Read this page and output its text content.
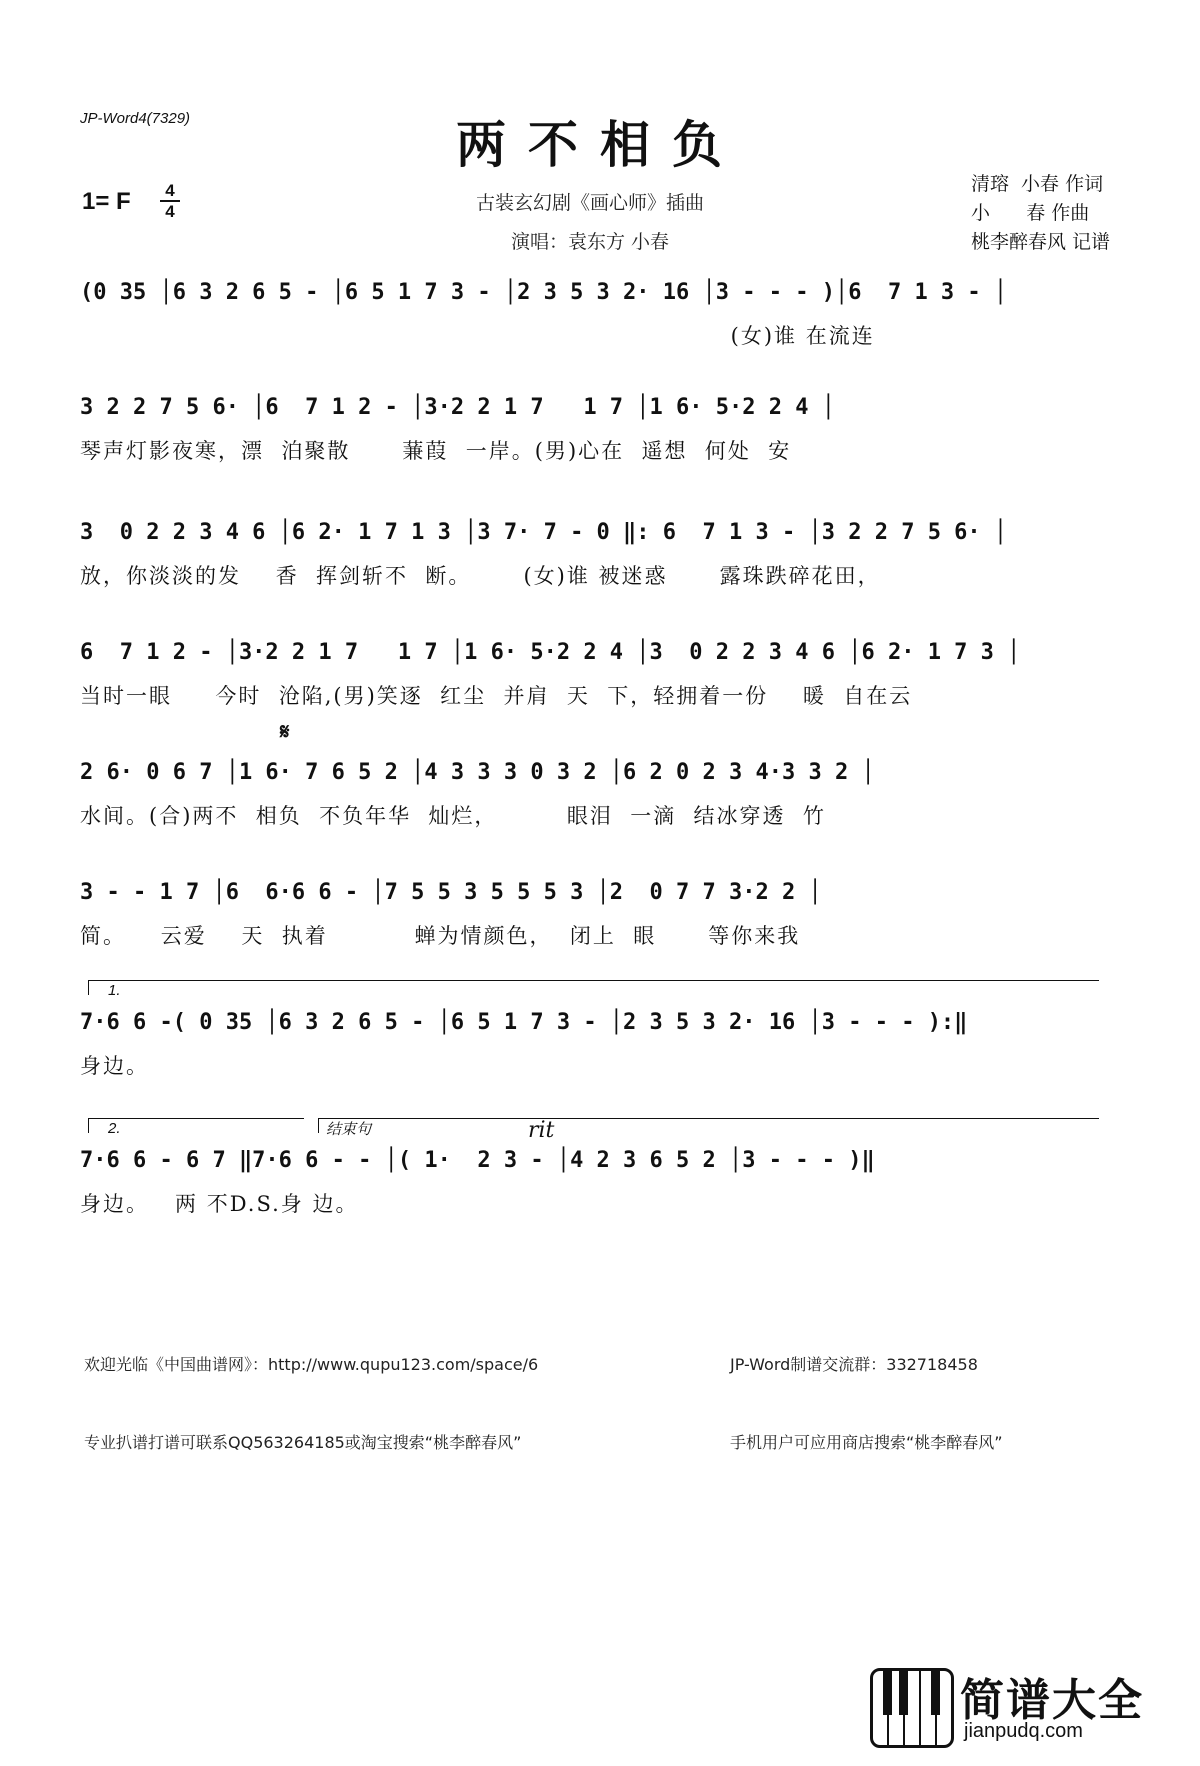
JP-Word4(7329)	两不相负
1= F	4
4	古装玄幻剧《画心师》插曲
演唱：袁东方 小春
清瑢  小春 作词
小      春 作曲
桃李醉春风 记谱
(0 35 │6 3 2 6 5 - │6 5 1 7 3 - │2 3 5 3 2· 16 │3 - - - )│6  7 1 3 - │
(女)谁 在流连
3 2 2 7 5 6· │6  7 1 2 - │3·2 2 1 7   1 7 │1 6· 5·2 2 4 │
琴声灯影夜寒，漂  泊聚散      蒹葭  一岸。(男)心在  遥想  何处  安
3  0 2 2 3 4 6 │6 2· 1 7 1 3 │3 7· 7 - 0 ‖: 6  7 1 3 - │3 2 2 7 5 6· │
放，你淡淡的发    香  挥剑斩不  断。      (女)谁 被迷惑      露珠跌碎花田，
6  7 1 2 - │3·2 2 1 7   1 7 │1 6· 5·2 2 4 │3  0 2 2 3 4 6 │6 2· 1 7 3 │
当时一眼     今时  沧陷,(男)笑逐  红尘  并肩  天  下，轻拥着一份    暖  自在云
𝄋
2 6· 0 6 7 │1 6· 7 6 5 2 │4 3 3 3 0 3 2 │6 2 0 2 3 4·3 3 2 │
水间。(合)两不  相负  不负年华  灿烂，        眼泪  一滴  结冰穿透  竹
3 - - 1 7 │6  6·6 6 - │7 5 5 3 5 5 5 3 │2  0 7 7 3·2 2 │
简。    云爱    天  执着          蝉为情颜色，  闭上  眼      等你来我
1.
7·6 6 -( 0 35 │6 3 2 6 5 - │6 5 1 7 3 - │2 3 5 3 2· 16 │3 - - - ):‖
身边。
2.	结束句	rit
7·6 6 - 6 7 ‖7·6 6 - - │( 1·  2 3 - │4 2 3 6 5 2 │3 - - - )‖
身边。   两 不D.S.身 边。

欢迎光临《中国曲谱网》：http://www.qupu123.com/space/6

专业扒谱打谱可联系QQ563264185或淘宝搜索“桃李醉春风”

JP-Word制谱交流群：332718458

手机用户可应用商店搜索“桃李醉春风”

简谱大全
jianpudq.com
